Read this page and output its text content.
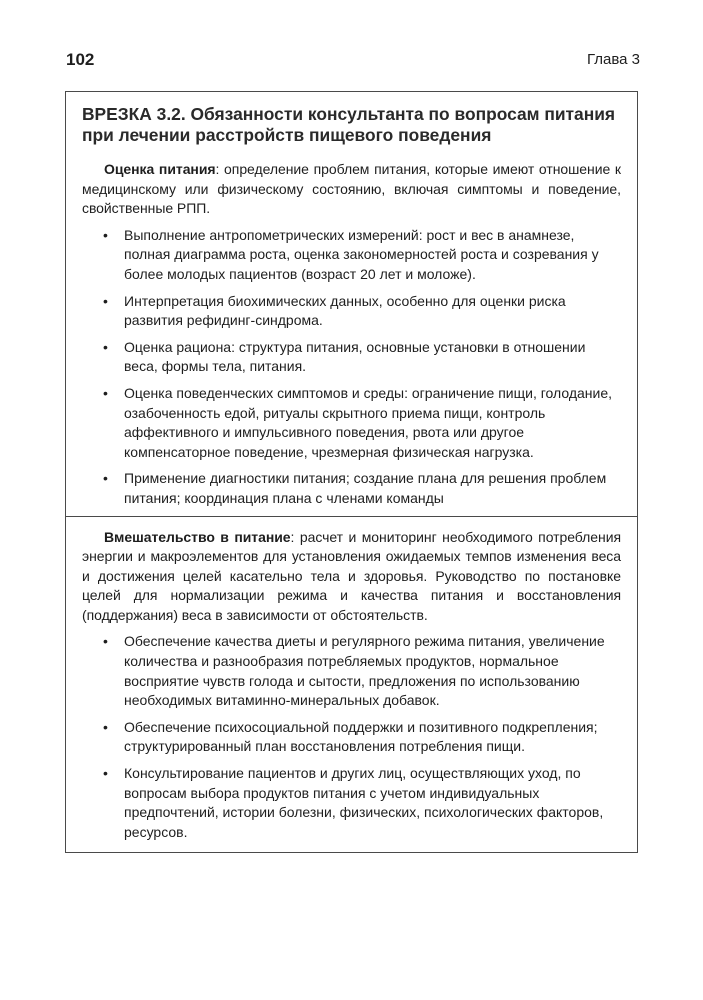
102	Глава 3
ВРЕЗКА 3.2. Обязанности консультанта по вопросам питания при лечении расстройств пищевого поведения

Оценка питания: определение проблем питания, которые имеют отношение к медицинскому или физическому состоянию, включая симптомы и поведение, свойственные РПП.

• Выполнение антропометрических измерений: рост и вес в анамнезе, полная диаграмма роста, оценка закономерностей роста и созревания у более молодых пациентов (возраст 20 лет и моложе).
• Интерпретация биохимических данных, особенно для оценки риска развития рефидинг-синдрома.
• Оценка рациона: структура питания, основные установки в отношении веса, формы тела, питания.
• Оценка поведенческих симптомов и среды: ограничение пищи, голодание, озабоченность едой, ритуалы скрытного приема пищи, контроль аффективного и импульсивного поведения, рвота или другое компенсаторное поведение, чрезмерная физическая нагрузка.
• Применение диагностики питания; создание плана для решения проблем питания; координация плана с членами команды

Вмешательство в питание: расчет и мониторинг необходимого потребления энергии и макроэлементов для установления ожидаемых темпов изменения веса и достижения целей касательно тела и здоровья. Руководство по постановке целей для нормализации режима и качества питания и восстановления (поддержания) веса в зависимости от обстоятельств.

• Обеспечение качества диеты и регулярного режима питания, увеличение количества и разнообразия потребляемых продуктов, нормальное восприятие чувств голода и сытости, предложения по использованию необходимых витаминно-минеральных добавок.
• Обеспечение психосоциальной поддержки и позитивного подкрепления; структурированный план восстановления потребления пищи.
• Консультирование пациентов и других лиц, осуществляющих уход, по вопросам выбора продуктов питания с учетом индивидуальных предпочтений, истории болезни, физических, психологических факторов, ресурсов.
